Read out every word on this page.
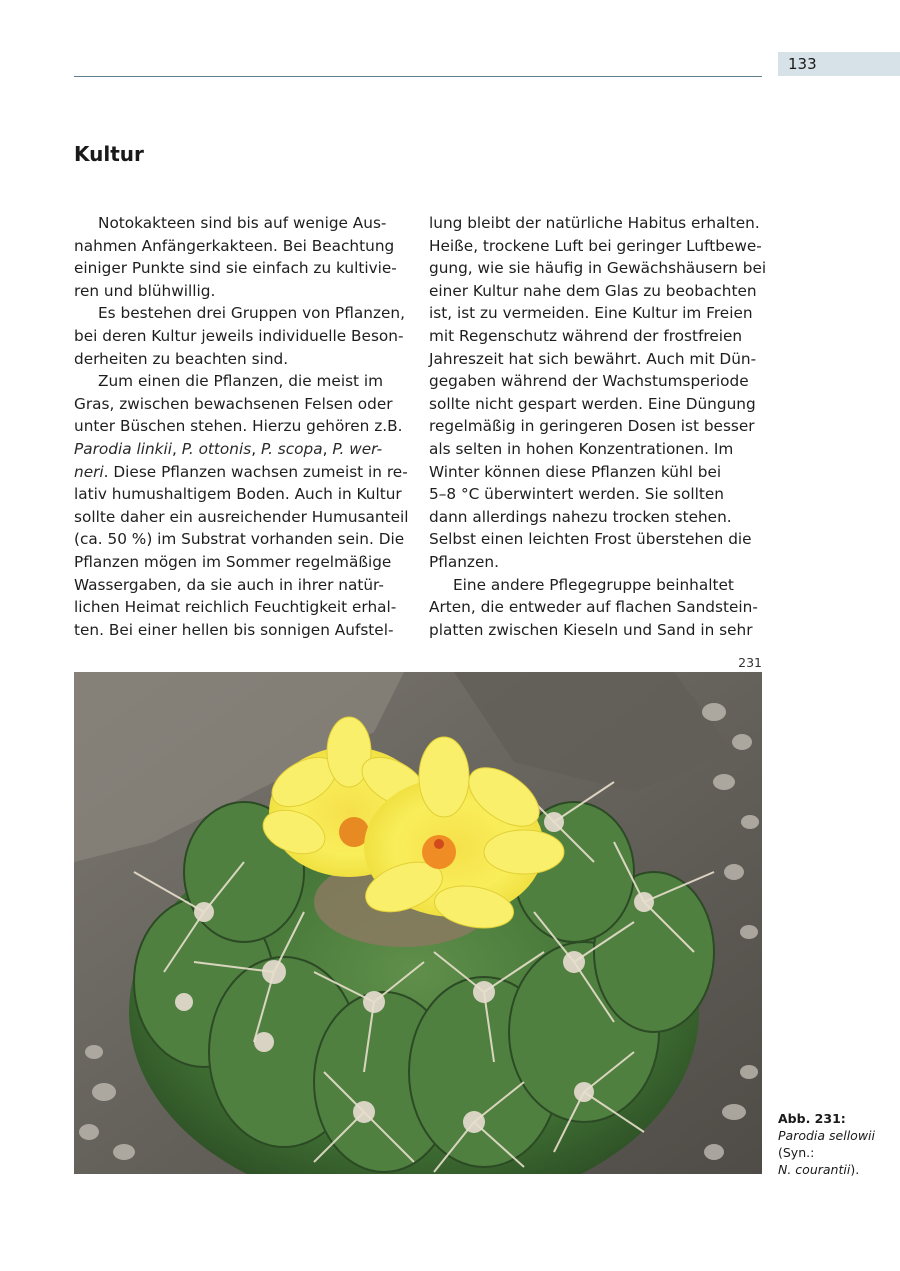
133
Kultur
Notokakteen sind bis auf wenige Aus-
nahmen Anfängerkakteen. Bei Beachtung
einiger Punkte sind sie einfach zu kultivie-
ren und blühwillig.
Es bestehen drei Gruppen von Pflanzen,
bei deren Kultur jeweils individuelle Beson-
derheiten zu beachten sind.
Zum einen die Pflanzen, die meist im
Gras, zwischen bewachsenen Felsen oder
unter Büschen stehen. Hierzu gehören z.B.
Parodia linkii, P. ottonis, P. scopa, P. wer-
neri. Diese Pflanzen wachsen zumeist in re-
lativ humushaltigem Boden. Auch in Kultur
sollte daher ein ausreichender Humusanteil
(ca. 50 %) im Substrat vorhanden sein. Die
Pflanzen mögen im Sommer regelmäßige
Wassergaben, da sie auch in ihrer natür-
lichen Heimat reichlich Feuchtigkeit erhal-
ten. Bei einer hellen bis sonnigen Aufstel-
lung bleibt der natürliche Habitus erhalten.
Heiße, trockene Luft bei geringer Luftbewe-
gung, wie sie häufig in Gewächshäusern bei
einer Kultur nahe dem Glas zu beobachten
ist, ist zu vermeiden. Eine Kultur im Freien
mit Regenschutz während der frostfreien
Jahreszeit hat sich bewährt. Auch mit Dün-
gegaben während der Wachstumsperiode
sollte nicht gespart werden. Eine Düngung
regelmäßig in geringeren Dosen ist besser
als selten in hohen Konzentrationen. Im
Winter können diese Pflanzen kühl bei
5–8 °C überwintert werden. Sie sollten
dann allerdings nahezu trocken stehen.
Selbst einen leichten Frost überstehen die
Pflanzen.
Eine andere Pflegegruppe beinhaltet
Arten, die entweder auf flachen Sandstein-
platten zwischen Kieseln und Sand in sehr
231
Abb. 231:
Parodia sellowii
(Syn.:
N. courantii).
